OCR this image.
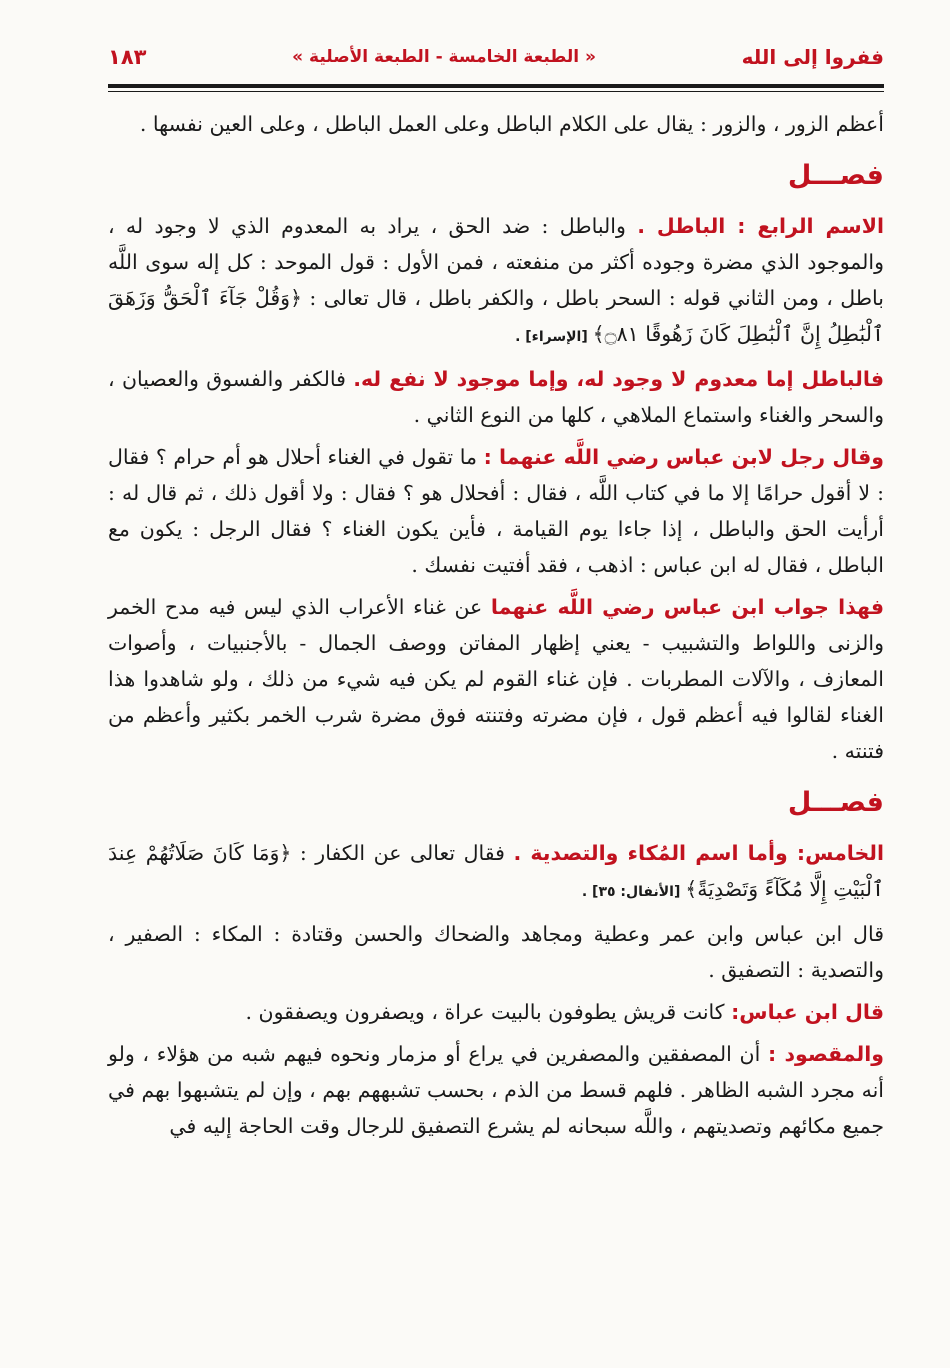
ففروا إلى الله
« الطبعة الخامسة - الطبعة الأصلية »
١٨٣

أعظم الزور ، والزور : يقال على الكلام الباطل وعلى العمل الباطل ، وعلى العين نفسها .

فصـــل

الاسم الرابع : الباطل . والباطل : ضد الحق ، يراد به المعدوم الذي لا وجود له ، والموجود الذي مضرة وجوده أكثر من منفعته ، فمن الأول : قول الموحد : كل إله سوى اللَّه باطل ، ومن الثاني قوله : السحر باطل ، والكفر باطل ، قال تعالى : ﴿وَقُلْ جَآءَ ٱلْحَقُّ وَزَهَقَ ٱلْبَٰطِلُ إِنَّ ٱلْبَٰطِلَ كَانَ زَهُوقًا ۝٨١﴾ [الإسراء] .

فالباطل إما معدوم لا وجود له، وإما موجود لا نفع له. فالكفر والفسوق والعصيان ، والسحر والغناء واستماع الملاهي ، كلها من النوع الثاني .

وقال رجل لابن عباس رضي اللَّه عنهما : ما تقول في الغناء أحلال هو أم حرام ؟ فقال : لا أقول حرامًا إلا ما في كتاب اللَّه ، فقال : أفحلال هو ؟ فقال : ولا أقول ذلك ، ثم قال له : أرأيت الحق والباطل ، إذا جاءا يوم القيامة ، فأين يكون الغناء ؟ فقال الرجل : يكون مع الباطل ، فقال له ابن عباس : اذهب ، فقد أفتيت نفسك .

فهذا جواب ابن عباس رضي اللَّه عنهما عن غناء الأعراب الذي ليس فيه مدح الخمر والزنى واللواط والتشبيب - يعني إظهار المفاتن ووصف الجمال - بالأجنبيات ، وأصوات المعازف ، والآلات المطربات . فإن غناء القوم لم يكن فيه شيء من ذلك ، ولو شاهدوا هذا الغناء لقالوا فيه أعظم قول ، فإن مضرته وفتنته فوق مضرة شرب الخمر بكثير وأعظم من فتنته .

فصـــل

الخامس: وأما اسم المُكاء والتصدية . فقال تعالى عن الكفار : ﴿وَمَا كَانَ صَلَاتُهُمْ عِندَ ٱلْبَيْتِ إِلَّا مُكَآءً وَتَصْدِيَةً﴾ [الأنفال: ٣٥] .

قال ابن عباس وابن عمر وعطية ومجاهد والضحاك والحسن وقتادة : المكاء : الصفير ، والتصدية : التصفيق .

قال ابن عباس: كانت قريش يطوفون بالبيت عراة ، ويصفرون ويصفقون .

والمقصود : أن المصفقين والمصفرين في يراع أو مزمار ونحوه فيهم شبه من هؤلاء ، ولو أنه مجرد الشبه الظاهر . فلهم قسط من الذم ، بحسب تشبههم بهم ، وإن لم يتشبهوا بهم في جميع مكائهم وتصديتهم ، واللَّه سبحانه لم يشرع التصفيق للرجال وقت الحاجة إليه في
